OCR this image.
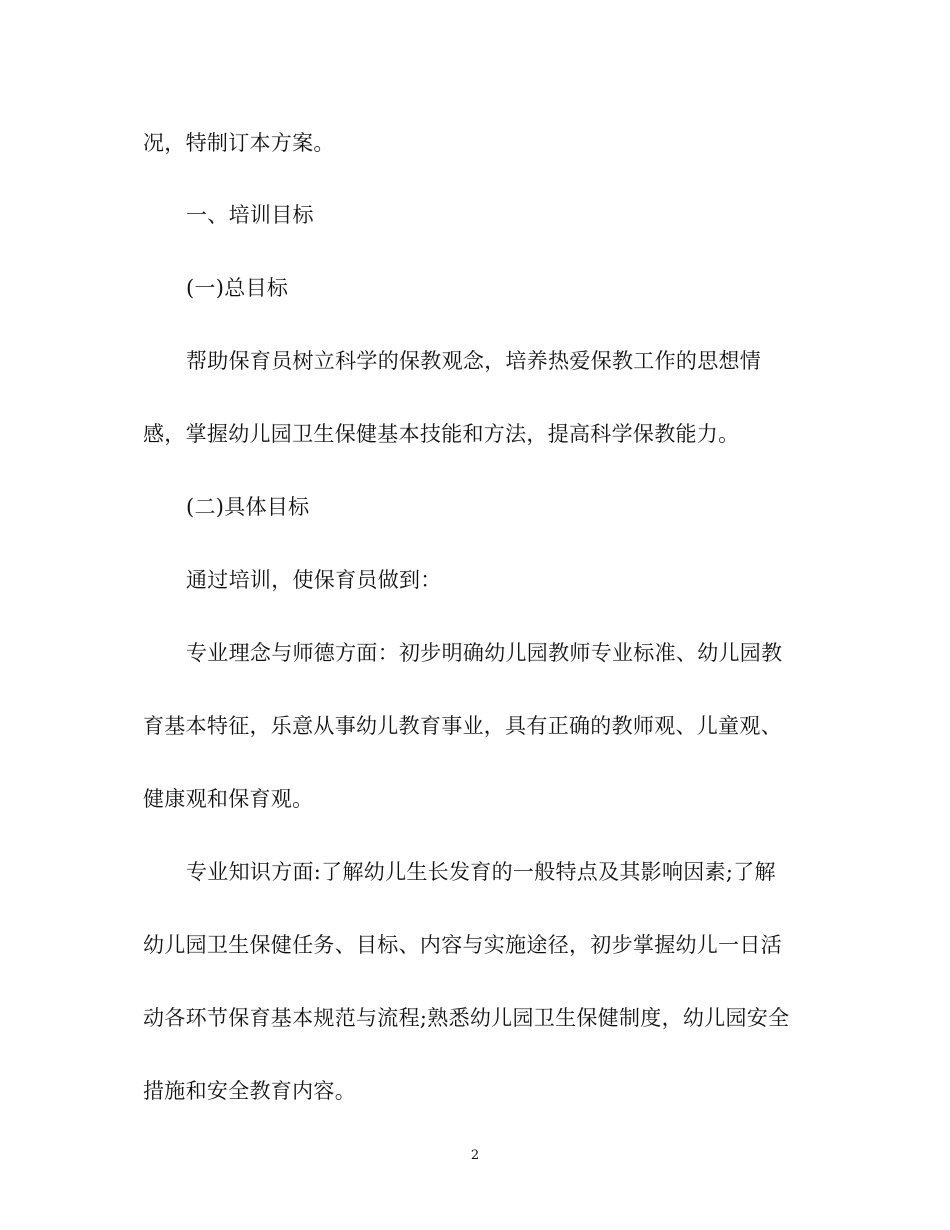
况，特制订本方案。
一、培训目标
(一)总目标
帮助保育员树立科学的保教观念，培养热爱保教工作的思想情
感，掌握幼儿园卫生保健基本技能和方法，提高科学保教能力。
(二)具体目标
通过培训，使保育员做到：
专业理念与师德方面：初步明确幼儿园教师专业标准、幼儿园教
育基本特征，乐意从事幼儿教育事业，具有正确的教师观、儿童观、
健康观和保育观。
专业知识方面:了解幼儿生长发育的一般特点及其影响因素;了解
幼儿园卫生保健任务、目标、内容与实施途径，初步掌握幼儿一日活
动各环节保育基本规范与流程;熟悉幼儿园卫生保健制度，幼儿园安全
措施和安全教育内容。
2
